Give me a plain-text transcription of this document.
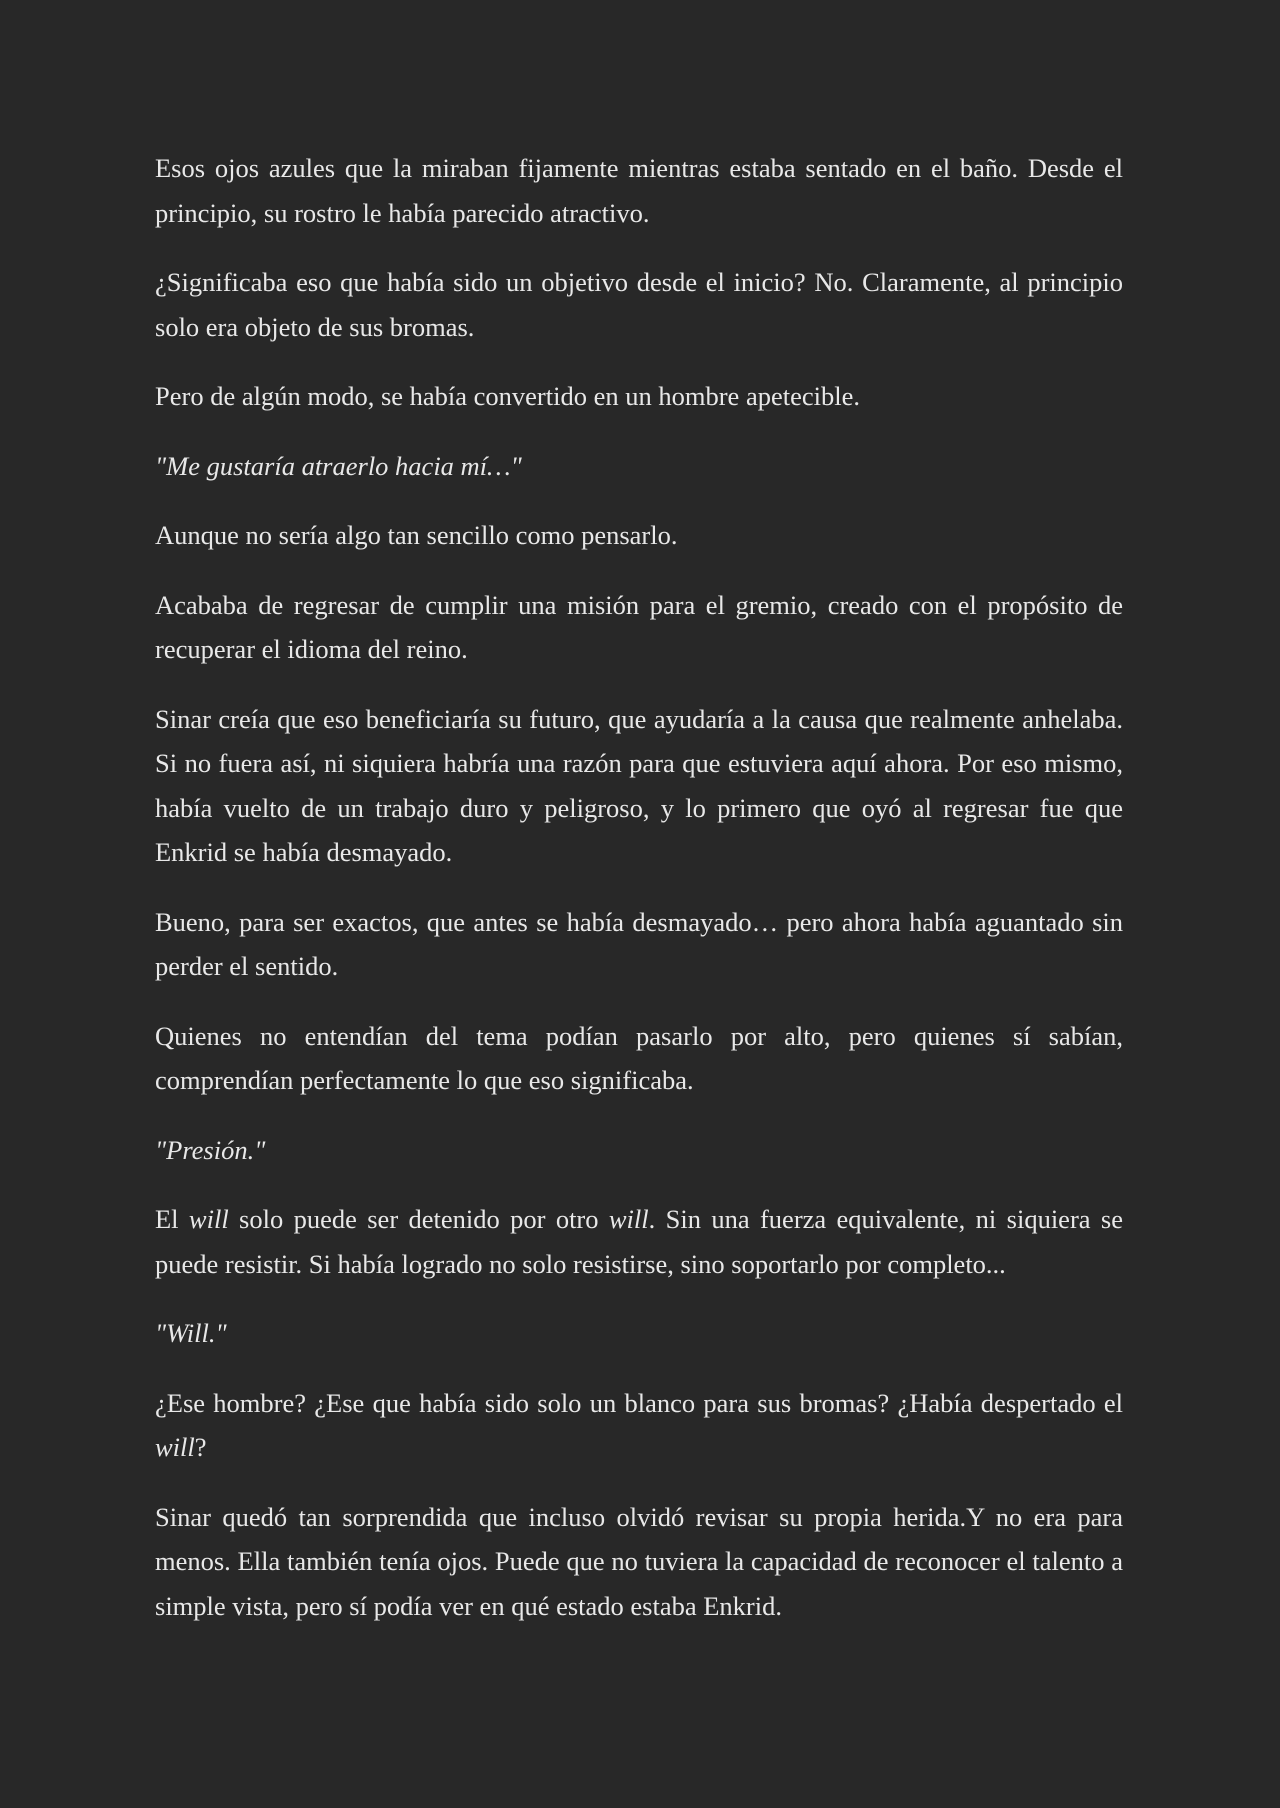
Esos ojos azules que la miraban fijamente mientras estaba sentado en el baño. Desde el principio, su rostro le había parecido atractivo.

¿Significaba eso que había sido un objetivo desde el inicio? No. Claramente, al principio solo era objeto de sus bromas.

Pero de algún modo, se había convertido en un hombre apetecible.

"Me gustaría atraerlo hacia mí…"

Aunque no sería algo tan sencillo como pensarlo.

Acababa de regresar de cumplir una misión para el gremio, creado con el propósito de recuperar el idioma del reino.

Sinar creía que eso beneficiaría su futuro, que ayudaría a la causa que realmente anhelaba. Si no fuera así, ni siquiera habría una razón para que estuviera aquí ahora. Por eso mismo, había vuelto de un trabajo duro y peligroso, y lo primero que oyó al regresar fue que Enkrid se había desmayado.

Bueno, para ser exactos, que antes se había desmayado… pero ahora había aguantado sin perder el sentido.

Quienes no entendían del tema podían pasarlo por alto, pero quienes sí sabían, comprendían perfectamente lo que eso significaba.

"Presión."

El will solo puede ser detenido por otro will. Sin una fuerza equivalente, ni siquiera se puede resistir. Si había logrado no solo resistirse, sino soportarlo por completo...

"Will."

¿Ese hombre? ¿Ese que había sido solo un blanco para sus bromas? ¿Había despertado el will?

Sinar quedó tan sorprendida que incluso olvidó revisar su propia herida.Y no era para menos. Ella también tenía ojos. Puede que no tuviera la capacidad de reconocer el talento a simple vista, pero sí podía ver en qué estado estaba Enkrid.
